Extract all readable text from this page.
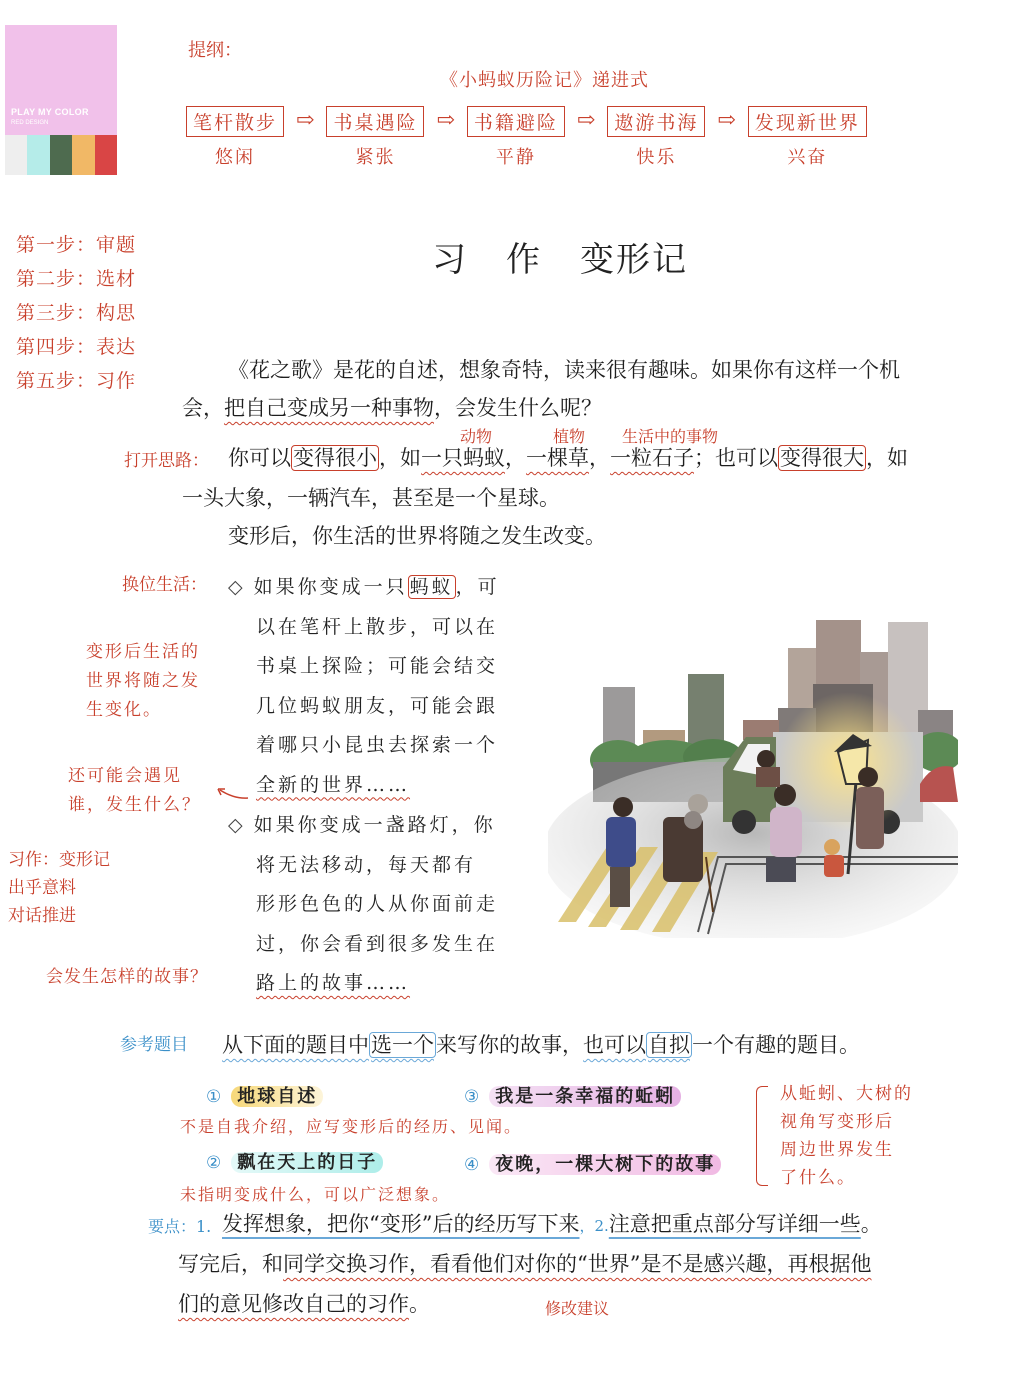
PLAY MY COLOR
RED DESIGN
提纲：
《小蚂蚁历险记》递进式
笔杆散步
悠闲
⇨	书桌遇险
紧张
⇨	书籍避险
平静
⇨	遨游书海
快乐
⇨	发现新世界
兴奋
第一步：审题
第二步：选材
第三步：构思
第四步：表达
第五步：习作
习 作 变形记
《花之歌》是花的自述，想象奇特，读来很有趣味。如果你有这样一个机
会，把自己变成另一种事物，会发生什么呢？
动物	植物 生活中的事物
打开思路： 你可以变得很小，如一只蚂蚁，一棵草，一粒石子；也可以变得很大，如
一头大象，一辆汽车，甚至是一个星球。
变形后，你生活的世界将随之发生改变。
换位生活：
变形后生活的
世界将随之发
生变化。
还可能会遇见
谁，发生什么？
习作：变形记
出乎意料
对话推进
会发生怎样的故事？
◇ 如果你变成一只 蚂蚁 ，可
以在笔杆上散步，可以在
书桌上探险；可能会结交
几位蚂蚁朋友，可能会跟
着哪只小昆虫去探索一个
全新的世界……
◇ 如果你变成一盏路灯，你
将无法移动，每天都有
形形色色的人从你面前走
过，你会看到很多发生在
路上的故事……
参考题目 从下面的题目中选一个来写你的故事，也可以自拟一个有趣的题目。
① 地球自述	③ 我是一条幸福的蚯蚓
不是自我介绍，应写变形后的经历、见闻。
② 飘在天上的日子	④ 夜晚，一棵大树下的故事
未指明变成什么，可以广泛想象。
从蚯蚓、大树的
视角写变形后
周边世界发生
了什么。
要点：1. 发挥想象，把你“变形”后的经历写下来，2.注意把重点部分写详细一些。
写完后，和同学交换习作，看看他们对你的“世界”是不是感兴趣，再根据他
们的意见修改自己的习作。	修改建议
